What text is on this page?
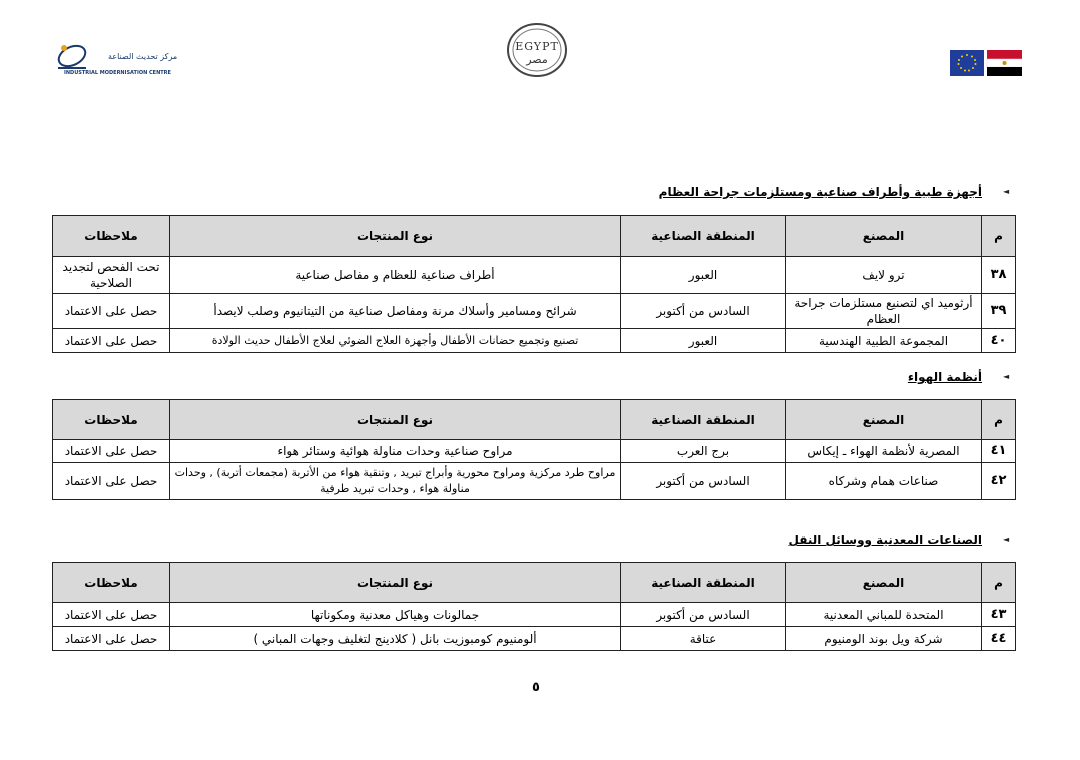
مركز تحديث الصناعة
INDUSTRIAL MODERNISATION CENTRE
EGYPT
مصر
◄
أجهزة طبية وأطراف صناعية ومستلزمات جراحة العظام
م	المصنع	المنطقة الصناعية	نوع المنتجات	ملاحظات
٣٨	ترو لايف	العبور	أطراف صناعية للعظام و مفاصل صناعية	تحت الفحص لتجديد الصلاحية
٣٩	أرثوميد اي لتصنيع مستلزمات جراحة العظام	السادس من أكتوبر	شرائح ومسامير وأسلاك مرنة ومفاصل صناعية من التيتانيوم وصلب لايصدأ	حصل على الاعتماد
٤٠	المجموعة الطبية الهندسية	العبور	تصنيع وتجميع حضانات الأطفال وأجهزة العلاج الضوئي لعلاج الأطفال حديث الولادة	حصل على الاعتماد
◄
أنظمة الهواء
م	المصنع	المنطقة الصناعية	نوع المنتجات	ملاحظات
٤١	المصرية لأنظمة الهواء ـ إيكاس	برج العرب	مراوح صناعية وحدات مناولة هوائية وستائر هواء	حصل على الاعتماد
٤٢	صناعات همام وشركاه	السادس من أكتوبر	مراوح طرد مركزية ومراوح محورية وأبراج تبريد , وتنقية هواء من الأتربة (مجمعات أتربة) , وحدات مناولة هواء , وحدات تبريد طرفية	حصل على الاعتماد
◄
الصناعات المعدنية ووسائل النقل
م	المصنع	المنطقة الصناعية	نوع المنتجات	ملاحظات
٤٣	المتحدة للمباني المعدنية	السادس من أكتوبر	جمالونات وهياكل معدنية ومكوناتها	حصل على الاعتماد
٤٤	شركة ويل بوند الومنيوم	عتاقة	ألومنيوم كومبوزيت بانل ( كلادينج لتغليف وجهات المباني )	حصل على الاعتماد
٥
